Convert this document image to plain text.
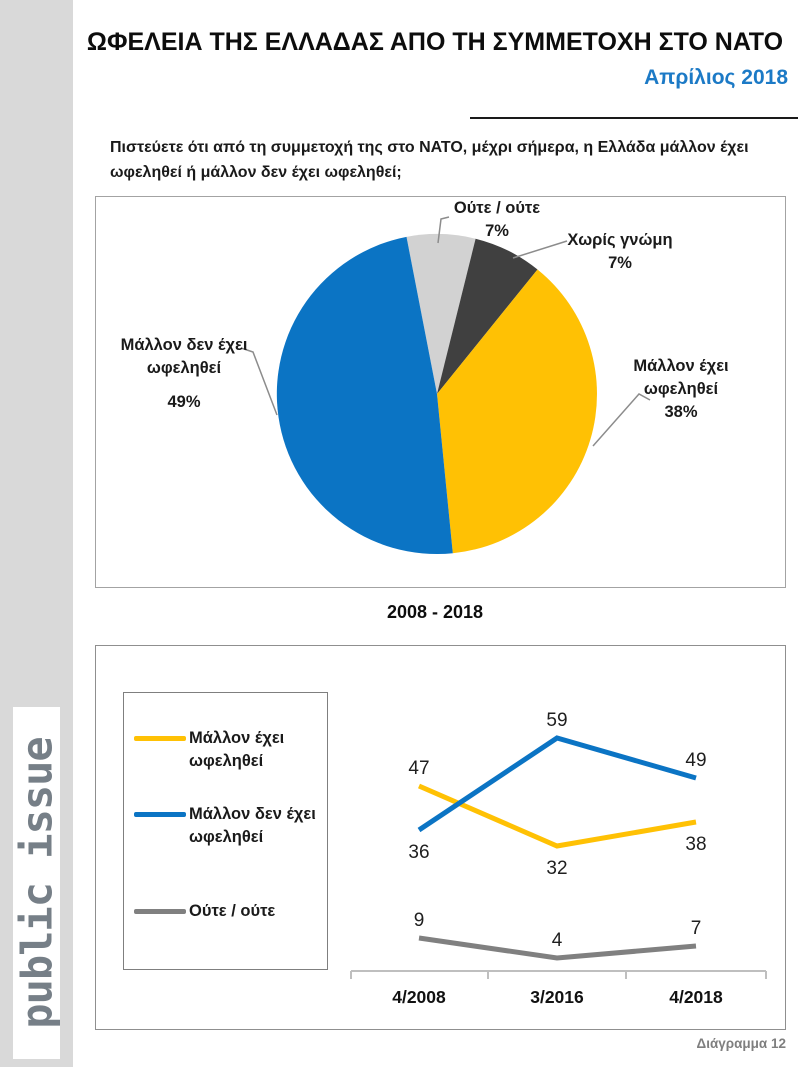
public issue
ΩΦΕΛΕΙΑ ΤΗΣ ΕΛΛΑΔΑΣ ΑΠΟ ΤΗ ΣΥΜΜΕΤΟΧΗ ΣΤΟ ΝΑΤΟ
Απρίλιος 2018
Πιστεύετε ότι από τη συμμετοχή της στο ΝΑΤΟ, μέχρι σήμερα, η Ελλάδα μάλλον έχει ωφεληθεί ή μάλλον δεν έχει ωφεληθεί;
Ούτε / ούτε
7%	Χωρίς γνώμη
7%
Μάλλον έχει ωφεληθεί
38%
Μάλλον δεν έχει ωφεληθεί
49%
2008 - 2018
Μάλλον έχει ωφεληθεί
Μάλλον δεν έχει ωφεληθεί
Ούτε / ούτε
4/2008	3/2016	4/2018
47
32
38
36
59
49
9
4
7
Διάγραμμα 12
